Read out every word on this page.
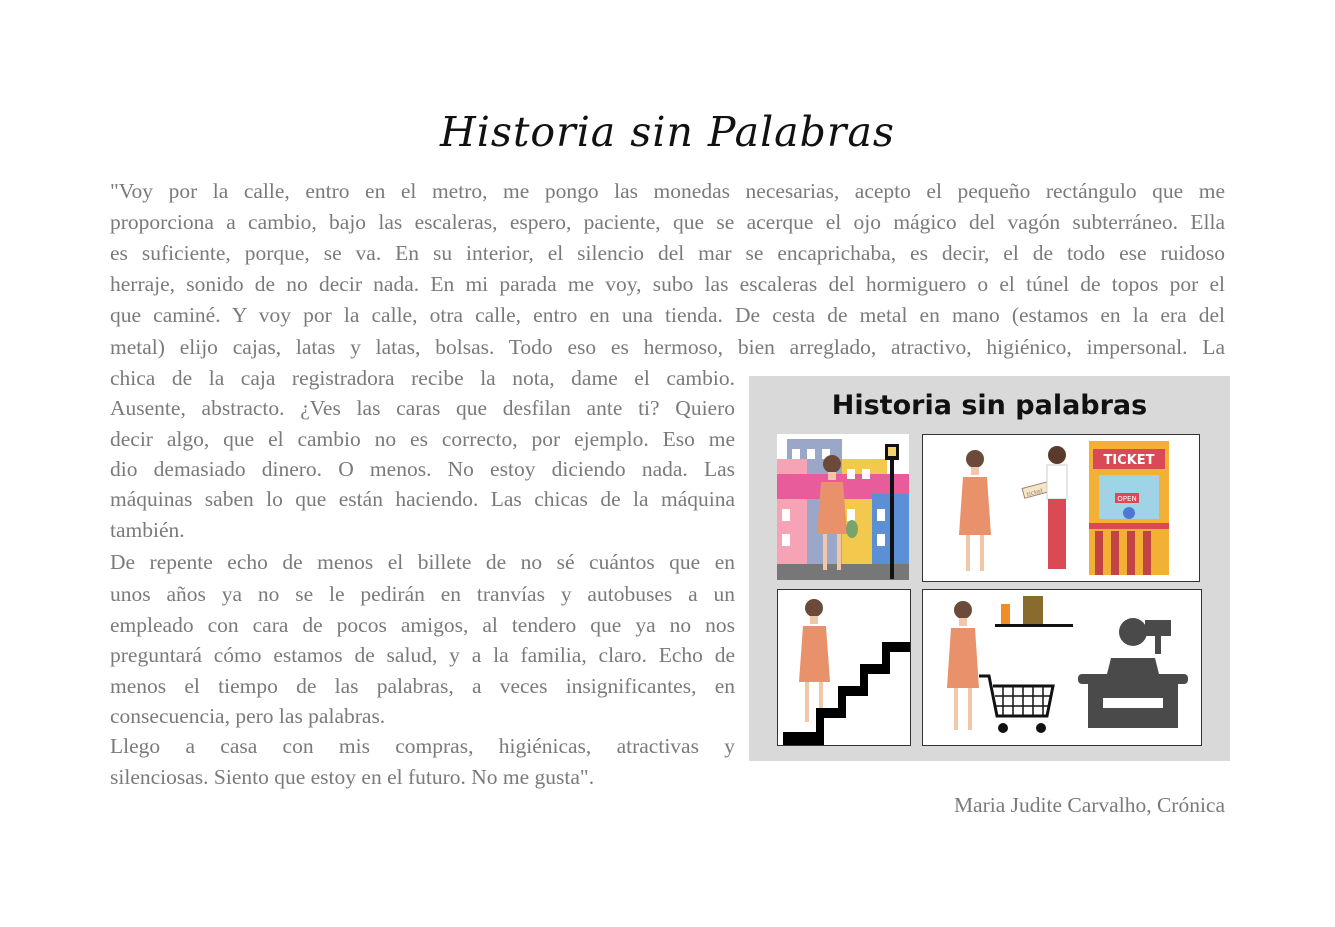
Historia sin Palabras
"Voy por la calle, entro en el metro, me pongo las monedas necesarias, acepto el pequeño rectángulo que me
proporciona a cambio, bajo las escaleras, espero, paciente, que se acerque el ojo mágico del vagón subterráneo. Ella
es suficiente, porque, se va. En su interior, el silencio del mar se encaprichaba, es decir, el de todo ese ruidoso
herraje, sonido de no decir nada. En mi parada me voy, subo las escaleras del hormiguero o el túnel de topos por el
que caminé. Y voy por la calle, otra calle, entro en una tienda. De cesta de metal en mano (estamos en la era del
metal) elijo cajas, latas y latas, bolsas. Todo eso es hermoso, bien arreglado, atractivo, higiénico, impersonal. La
chica de la caja registradora recibe la nota, dame el cambio.
Ausente, abstracto. ¿Ves las caras que desfilan ante ti? Quiero
decir algo, que el cambio no es correcto, por ejemplo. Eso me
dio demasiado dinero. O menos. No estoy diciendo nada. Las
máquinas saben lo que están haciendo. Las chicas de la máquina
también.
De repente echo de menos el billete de no sé cuántos que en
unos años ya no se le pedirán en tranvías y autobuses a un
empleado con cara de pocos amigos, al tendero que ya no nos
preguntará cómo estamos de salud, y a la familia, claro. Echo de
menos el tiempo de las palabras, a veces insignificantes, en
consecuencia, pero las palabras.
Llego a casa con mis compras, higiénicas, atractivas y
silenciosas. Siento que estoy en el futuro. No me gusta".
Maria Judite Carvalho, Crónica
Historia sin palabras
ticket
TICKET
OPEN
